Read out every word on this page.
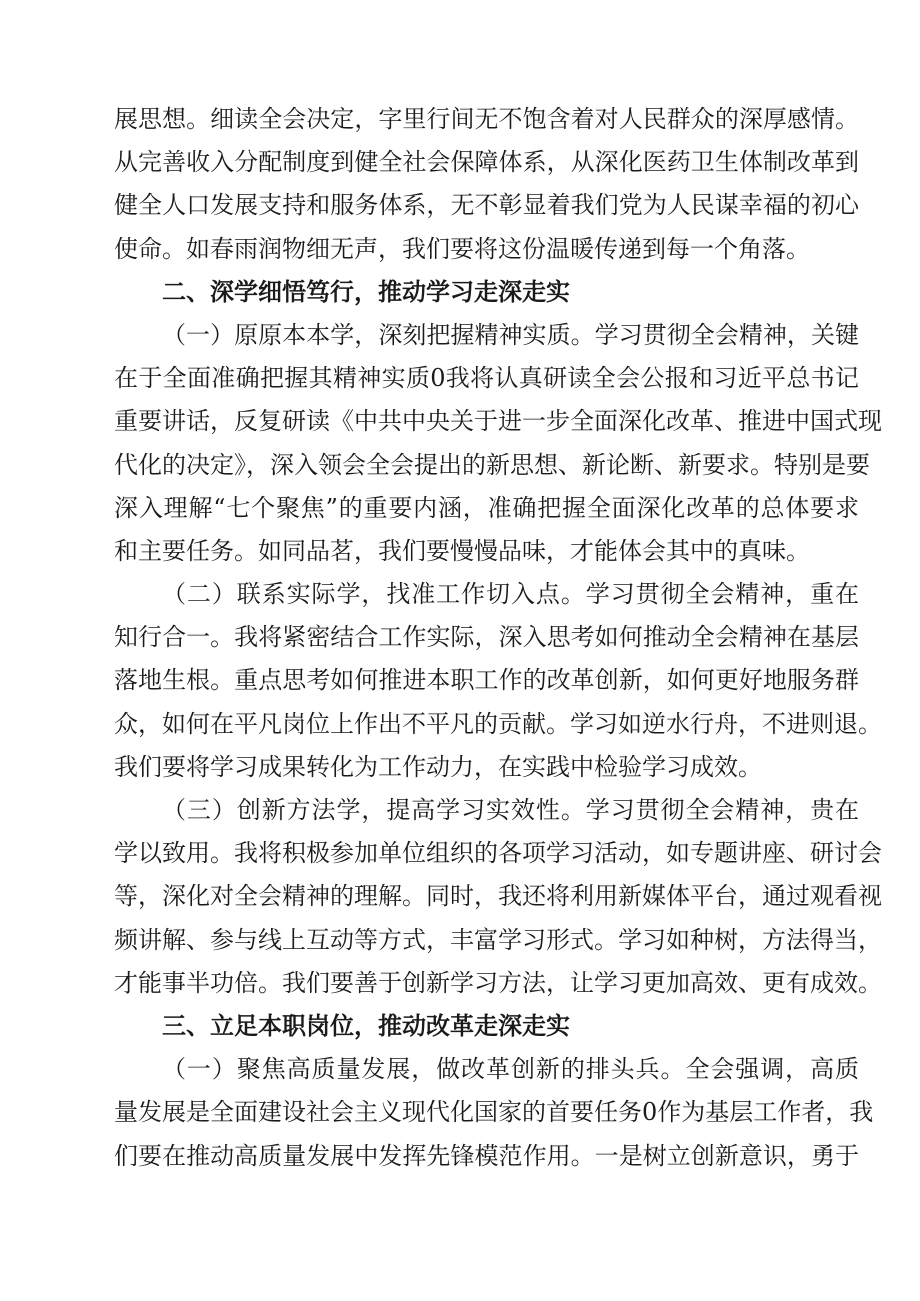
展思想。细读全会决定，字里行间无不饱含着对人民群众的深厚感情。
从完善收入分配制度到健全社会保障体系，从深化医药卫生体制改革到
健全人口发展支持和服务体系，无不彰显着我们党为人民谋幸福的初心
使命。如春雨润物细无声，我们要将这份温暖传递到每一个角落。
二、深学细悟笃行，推动学习走深走实
（一）原原本本学，深刻把握精神实质。学习贯彻全会精神，关键
在于全面准确把握其精神实质0我将认真研读全会公报和习近平总书记
重要讲话，反复研读《中共中央关于进一步全面深化改革、推进中国式现
代化的决定》，深入领会全会提出的新思想、新论断、新要求。特别是要
深入理解“七个聚焦”的重要内涵，准确把握全面深化改革的总体要求
和主要任务。如同品茗，我们要慢慢品味，才能体会其中的真味。
（二）联系实际学，找准工作切入点。学习贯彻全会精神，重在
知行合一。我将紧密结合工作实际，深入思考如何推动全会精神在基层
落地生根。重点思考如何推进本职工作的改革创新，如何更好地服务群
众，如何在平凡岗位上作出不平凡的贡献。学习如逆水行舟，不进则退。
我们要将学习成果转化为工作动力，在实践中检验学习成效。
（三）创新方法学，提高学习实效性。学习贯彻全会精神，贵在
学以致用。我将积极参加单位组织的各项学习活动，如专题讲座、研讨会
等，深化对全会精神的理解。同时，我还将利用新媒体平台，通过观看视
频讲解、参与线上互动等方式，丰富学习形式。学习如种树，方法得当，
才能事半功倍。我们要善于创新学习方法，让学习更加高效、更有成效。
三、立足本职岗位，推动改革走深走实
（一）聚焦高质量发展，做改革创新的排头兵。全会强调，高质
量发展是全面建设社会主义现代化国家的首要任务0作为基层工作者，我
们要在推动高质量发展中发挥先锋模范作用。一是树立创新意识，勇于
